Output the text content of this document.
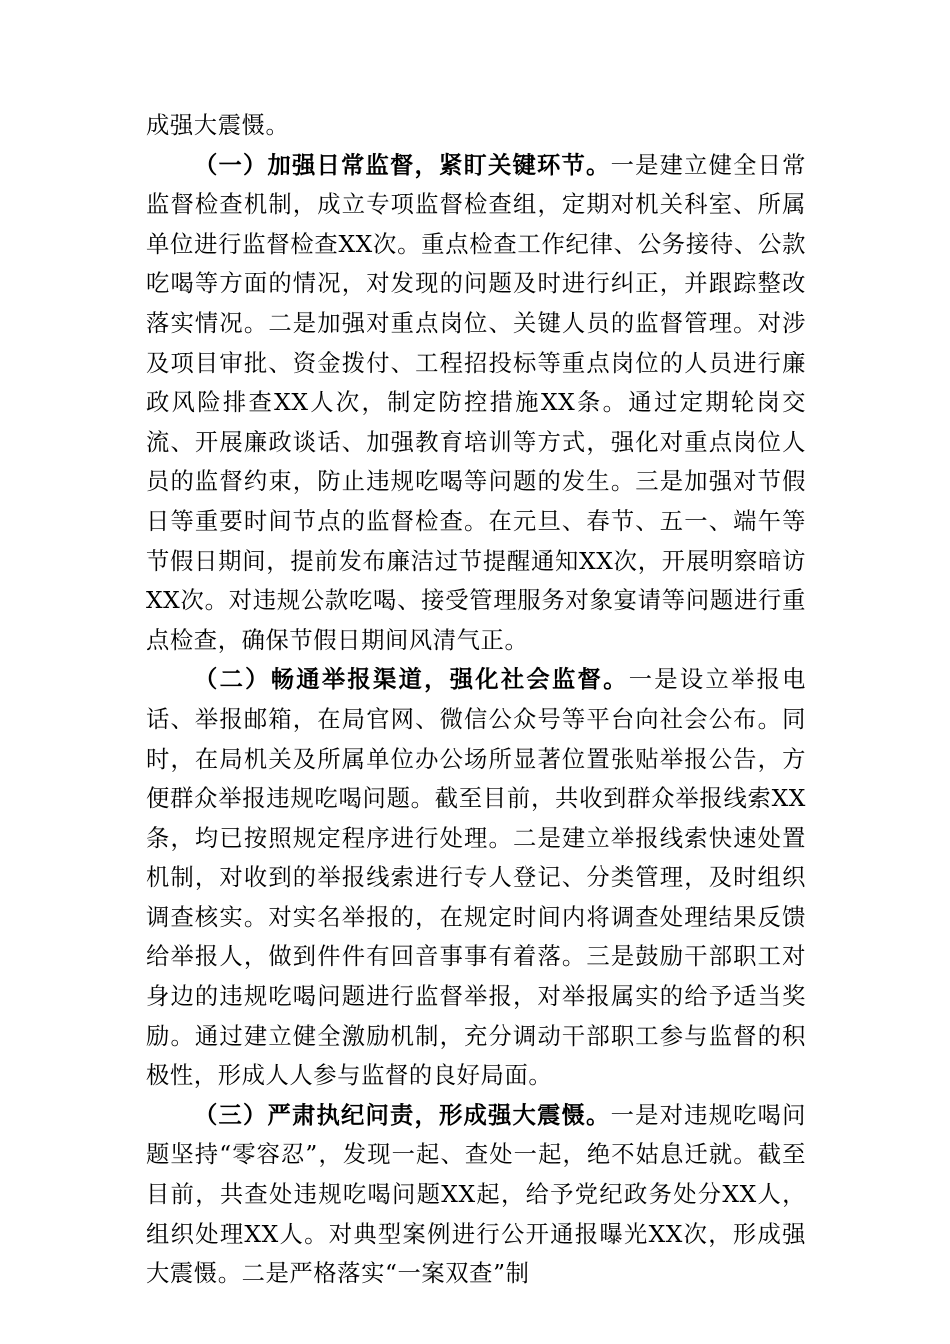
成强大震慑。

（一）加强日常监督，紧盯关键环节。一是建立健全日常监督检查机制，成立专项监督检查组，定期对机关科室、所属单位进行监督检查XX次。重点检查工作纪律、公务接待、公款吃喝等方面的情况，对发现的问题及时进行纠正，并跟踪整改落实情况。二是加强对重点岗位、关键人员的监督管理。对涉及项目审批、资金拨付、工程招投标等重点岗位的人员进行廉政风险排查XX人次，制定防控措施XX条。通过定期轮岗交流、开展廉政谈话、加强教育培训等方式，强化对重点岗位人员的监督约束，防止违规吃喝等问题的发生。三是加强对节假日等重要时间节点的监督检查。在元旦、春节、五一、端午等节假日期间，提前发布廉洁过节提醒通知XX次，开展明察暗访XX次。对违规公款吃喝、接受管理服务对象宴请等问题进行重点检查，确保节假日期间风清气正。

（二）畅通举报渠道，强化社会监督。一是设立举报电话、举报邮箱，在局官网、微信公众号等平台向社会公布。同时，在局机关及所属单位办公场所显著位置张贴举报公告，方便群众举报违规吃喝问题。截至目前，共收到群众举报线索XX条，均已按照规定程序进行处理。二是建立举报线索快速处置机制，对收到的举报线索进行专人登记、分类管理，及时组织调查核实。对实名举报的，在规定时间内将调查处理结果反馈给举报人，做到件件有回音事事有着落。三是鼓励干部职工对身边的违规吃喝问题进行监督举报，对举报属实的给予适当奖励。通过建立健全激励机制，充分调动干部职工参与监督的积极性，形成人人参与监督的良好局面。

（三）严肃执纪问责，形成强大震慑。一是对违规吃喝问题坚持“零容忍”，发现一起、查处一起，绝不姑息迁就。截至目前，共查处违规吃喝问题XX起，给予党纪政务处分XX人，组织处理XX人。对典型案例进行公开通报曝光XX次，形成强大震慑。二是严格落实“一案双查”制
